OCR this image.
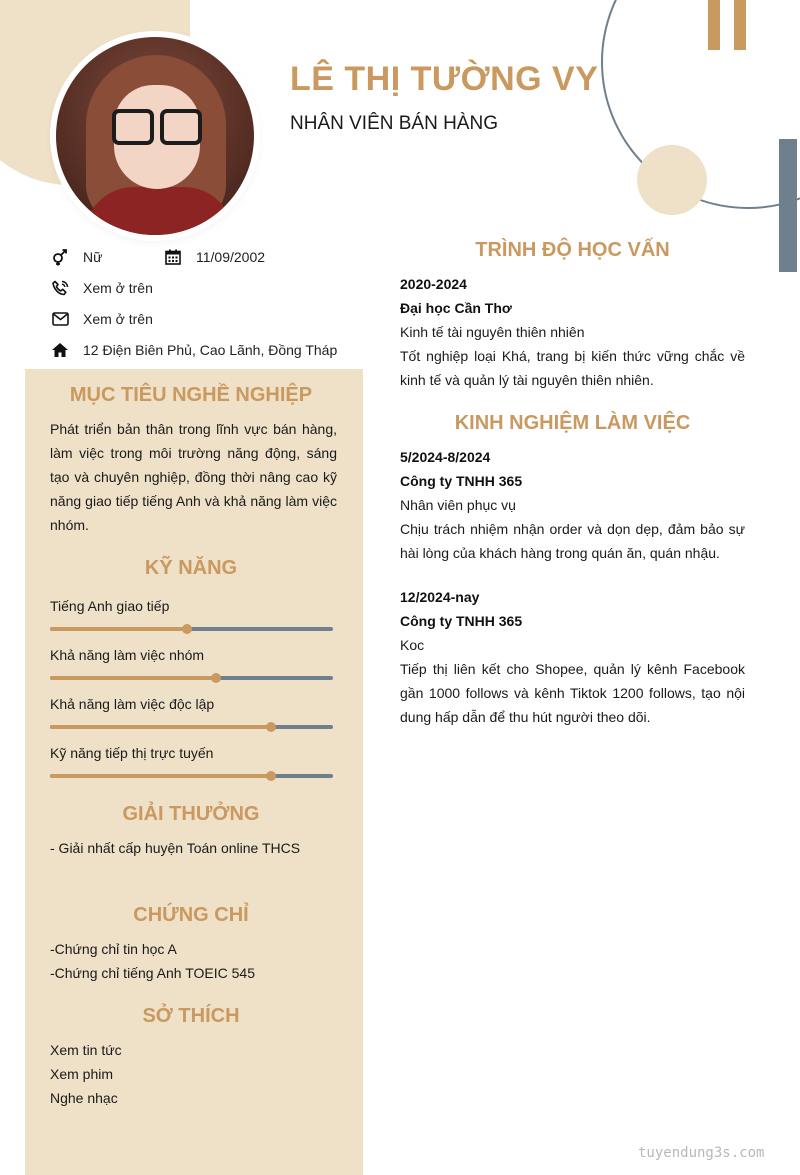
LÊ THỊ TƯỜNG VY
NHÂN VIÊN BÁN HÀNG
Nữ	11/09/2002
Xem ở trên
Xem ở trên
12 Điện Biên Phủ, Cao Lãnh, Đồng Tháp
MỤC TIÊU NGHỀ NGHIỆP
Phát triển bản thân trong lĩnh vực bán hàng, làm việc trong môi trường năng động, sáng tạo và chuyên nghiệp, đồng thời nâng cao kỹ năng giao tiếp tiếng Anh và khả năng làm việc nhóm.
KỸ NĂNG
Tiếng Anh giao tiếp
Khả năng làm việc nhóm
Khả năng làm việc độc lập
Kỹ năng tiếp thị trực tuyến
GIẢI THƯỞNG
- Giải nhất cấp huyện Toán online THCS
CHỨNG CHỈ
-Chứng chỉ tin học A
-Chứng chỉ tiếng Anh TOEIC 545
SỞ THÍCH
Xem tin tức
Xem phim
Nghe nhạc
TRÌNH ĐỘ HỌC VẤN
2020-2024
Đại học Cần Thơ
Kinh tế tài nguyên thiên nhiên
Tốt nghiệp loại Khá, trang bị kiến thức vững chắc về kinh tế và quản lý tài nguyên thiên nhiên.
KINH NGHIỆM LÀM VIỆC
5/2024-8/2024
Công ty TNHH 365
Nhân viên phục vụ
Chịu trách nhiệm nhận order và dọn dẹp, đảm bảo sự hài lòng của khách hàng trong quán ăn, quán nhậu.
12/2024-nay
Công ty TNHH 365
Koc
Tiếp thị liên kết cho Shopee, quản lý kênh Facebook gần 1000 follows và kênh Tiktok 1200 follows, tạo nội dung hấp dẫn để thu hút người theo dõi.
tuyendung3s.com
